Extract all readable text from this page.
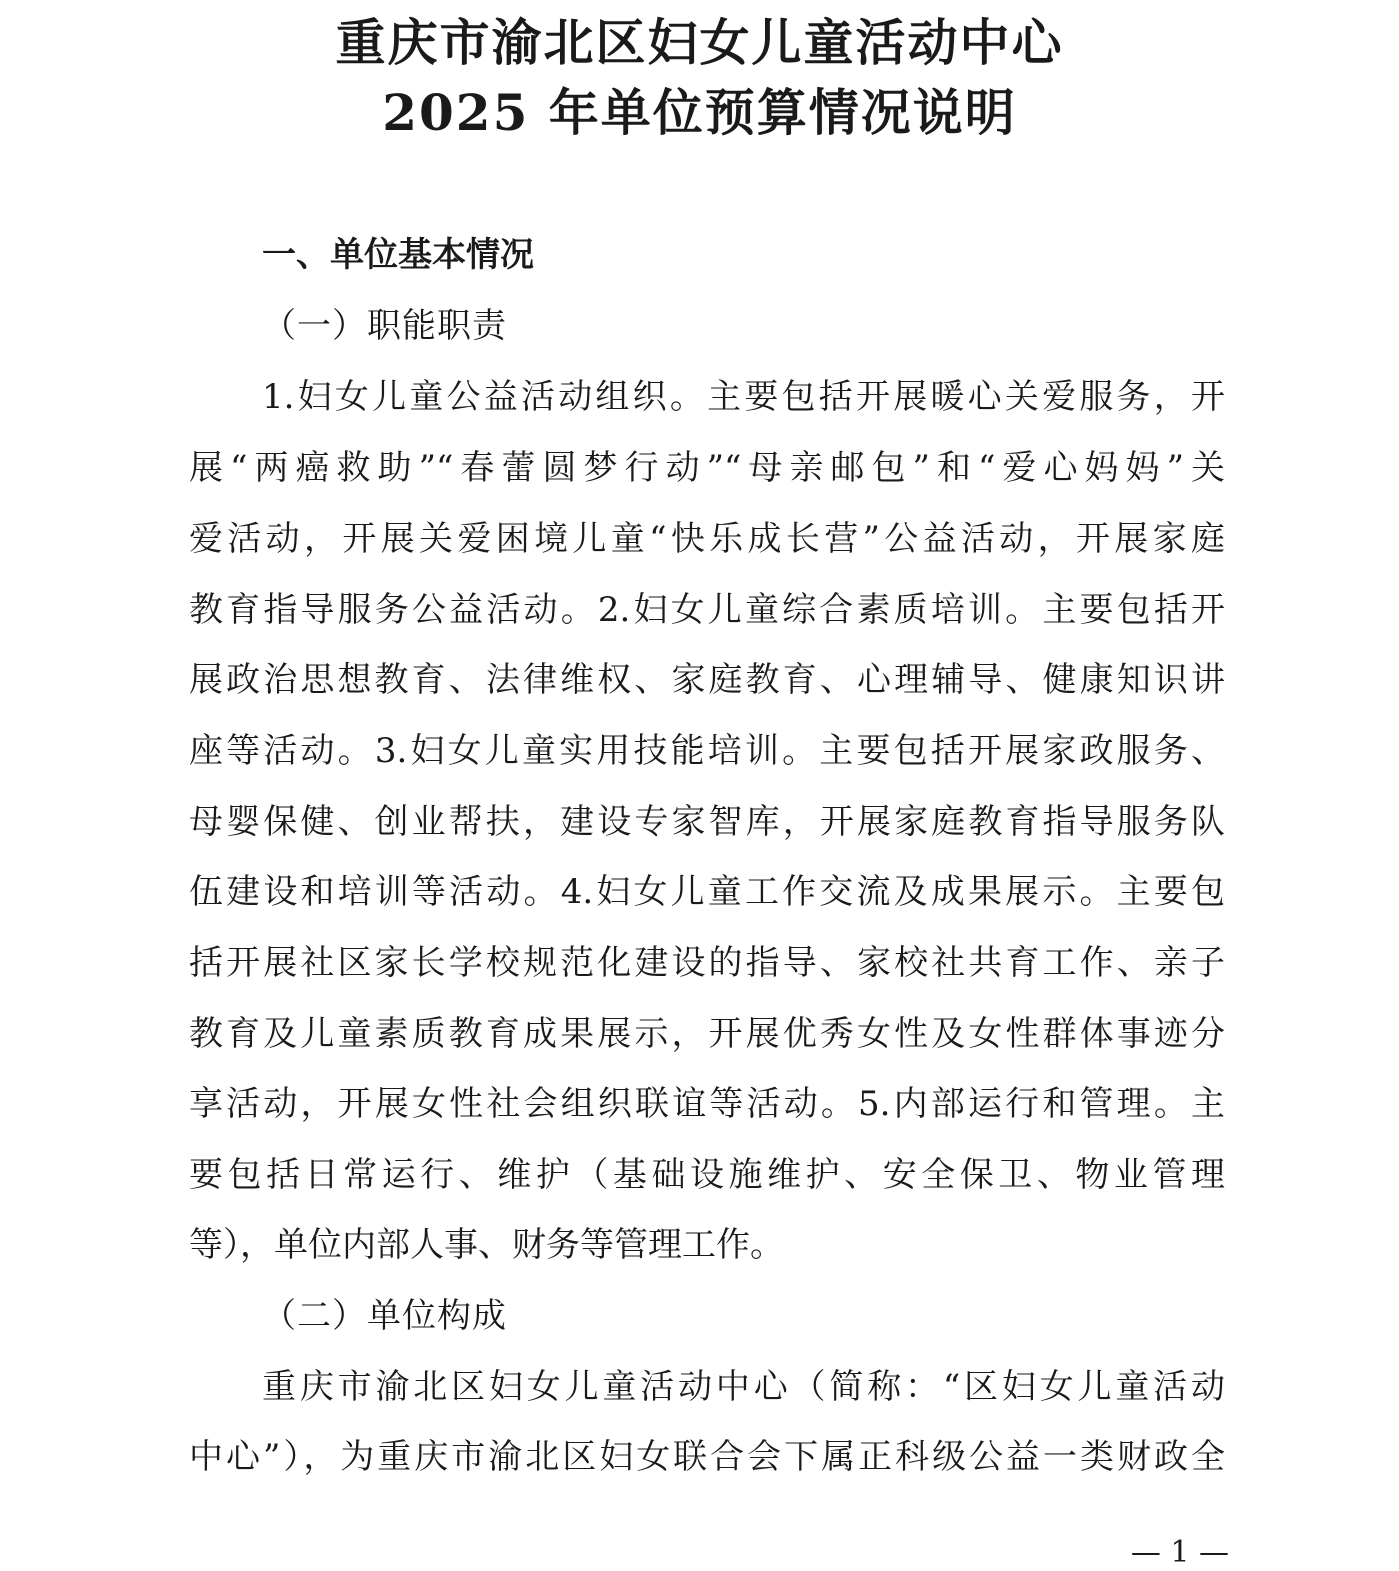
重庆市渝北区妇女儿童活动中心
2025 年单位预算情况说明
一、单位基本情况
（一）职能职责
1.妇女儿童公益活动组织。主要包括开展暖心关爱服务，开
展“两癌救助”“春蕾圆梦行动”“母亲邮包”和“爱心妈妈”关
爱活动，开展关爱困境儿童“快乐成长营”公益活动，开展家庭
教育指导服务公益活动。2.妇女儿童综合素质培训。主要包括开
展政治思想教育、法律维权、家庭教育、心理辅导、健康知识讲
座等活动。3.妇女儿童实用技能培训。主要包括开展家政服务、
母婴保健、创业帮扶，建设专家智库，开展家庭教育指导服务队
伍建设和培训等活动。4.妇女儿童工作交流及成果展示。主要包
括开展社区家长学校规范化建设的指导、家校社共育工作、亲子
教育及儿童素质教育成果展示，开展优秀女性及女性群体事迹分
享活动，开展女性社会组织联谊等活动。5.内部运行和管理。主
要包括日常运行、维护（基础设施维护、安全保卫、物业管理
等），单位内部人事、财务等管理工作。
（二）单位构成
重庆市渝北区妇女儿童活动中心（简称：“区妇女儿童活动
中心”），为重庆市渝北区妇女联合会下属正科级公益一类财政全
— 1 —
